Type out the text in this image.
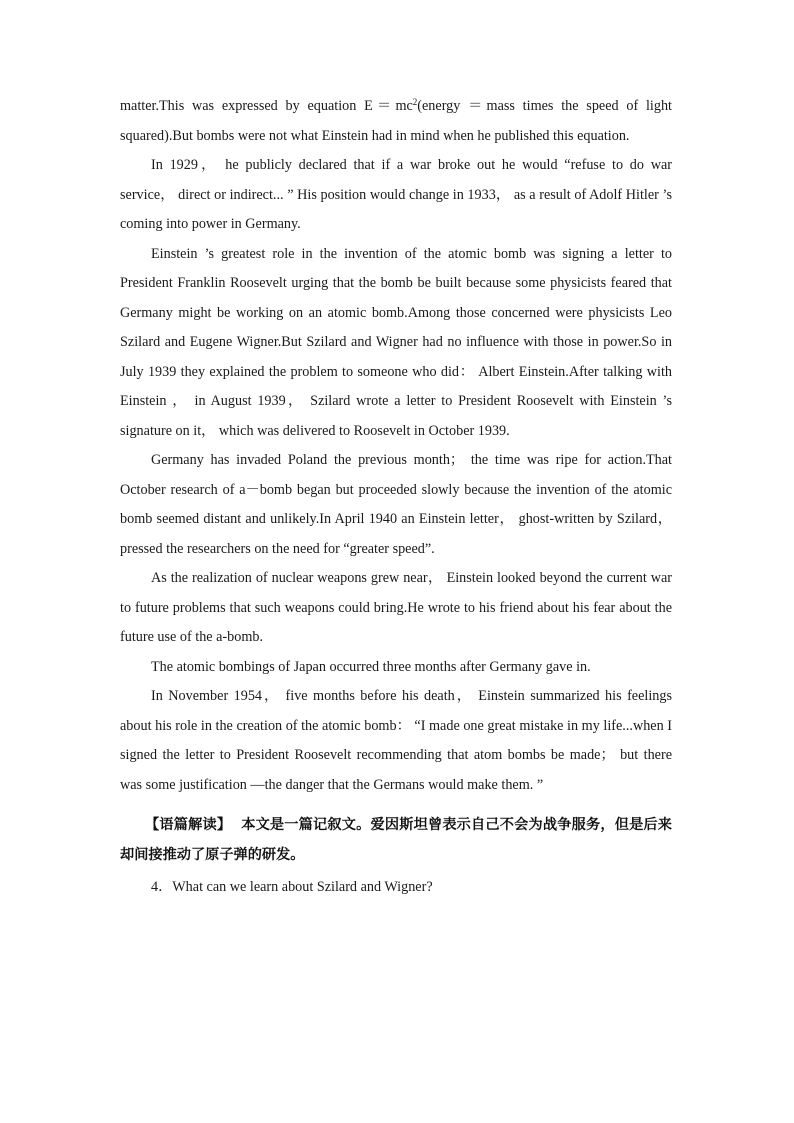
matter.This was expressed by equation $E=mc^2(energy$ ＝mass times the speed of light squared).But bombs were not what Einstein had in mind when he published this equation.

In 1929， he publicly declared that if a war broke out he would “refuse to do war service， direct or indirect... ” His position would change in 1933， as a result of Adolf Hitler ’s coming into power in Germany.

Einstein ’s greatest role in the invention of the atomic bomb was signing a letter to President Franklin Roosevelt urging that the bomb be built because some physicists feared that Germany might be working on an atomic bomb.Among those concerned were physicists Leo Szilard and Eugene Wigner.But Szilard and Wigner had no influence with those in power.So in July 1939 they explained the problem to someone who did： Albert Einstein.After talking with Einstein ， in August 1939， Szilard wrote a letter to President Roosevelt with Einstein ’s signature on it， which was delivered to Roosevelt in October 1939.

Germany has invaded Poland the previous month； the time was ripe for action.That October research of a－bomb began but proceeded slowly because the invention of the atomic bomb seemed distant and unlikely.In April 1940 an Einstein letter， ghost-written by Szilard， pressed the researchers on the need for “greater speed”.

As the realization of nuclear weapons grew near， Einstein looked beyond the current war to future problems that such weapons could bring.He wrote to his friend about his fear about the future use of the a-bomb.

The atomic bombings of Japan occurred three months after Germany gave in.

In November 1954， five months before his death， Einstein summarized his feelings about his role in the creation of the atomic bomb： “I made one great mistake in my life...when I signed the letter to President Roosevelt recommending that atom bombs be made； but there was some justification —the danger that the Germans would make them. ”

【语篇解读】 本文是一篇记叙文。爱因斯坦曾表示自己不会为战争服务，但是后来却间接推动了原子弹的研发。

4．What can we learn about Szilard and Wigner?
